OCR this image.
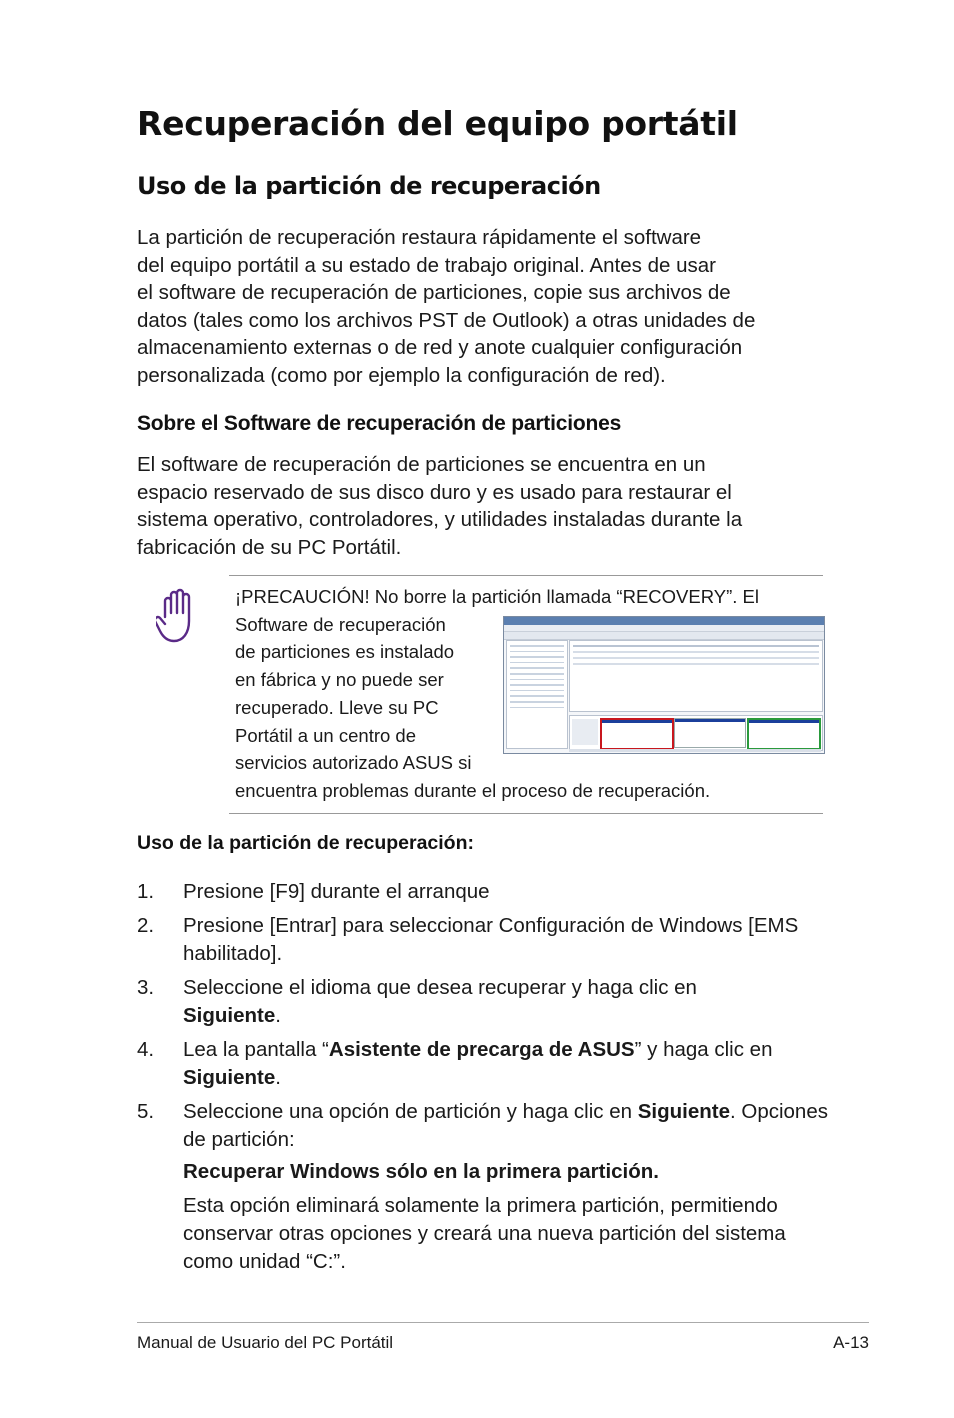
Recuperación del equipo portátil
Uso de la partición de recuperación
La partición de recuperación restaura rápidamente el software
del equipo portátil a su estado de trabajo original. Antes de usar
el software de recuperación de particiones, copie sus archivos de
datos (tales como los archivos PST de Outlook) a otras unidades de
almacenamiento externas o de red y anote cualquier configuración
personalizada (como por ejemplo la configuración de red).
Sobre el Software de recuperación de particiones
El software de recuperación de particiones se encuentra en un
espacio reservado de sus disco duro y es usado para restaurar el
sistema operativo, controladores, y utilidades instaladas durante la
fabricación de su PC Portátil.
¡PRECAUCIÓN! No borre la partición llamada “RECOVERY”. El
Software de recuperación
de particiones es instalado
en fábrica y no puede ser
recuperado. Lleve su PC
Portátil a un centro de
servicios autorizado ASUS si
encuentra problemas durante el proceso de recuperación.
Uso de la partición de recuperación:
1. Presione [F9] durante el arranque
2. Presione [Entrar] para seleccionar Configuración de Windows [EMS habilitado].
3. Seleccione el idioma que desea recuperar y haga clic en
Siguiente.
4. Lea la pantalla “Asistente de precarga de ASUS” y haga clic en
Siguiente.
5. Seleccione una opción de partición y haga clic en Siguiente. Opciones de partición:
Recuperar Windows sólo en la primera partición.
Esta opción eliminará solamente la primera partición, permitiendo conservar otras opciones y creará una nueva partición del sistema como unidad “C:”.
Manual de Usuario del PC Portátil	A-13
